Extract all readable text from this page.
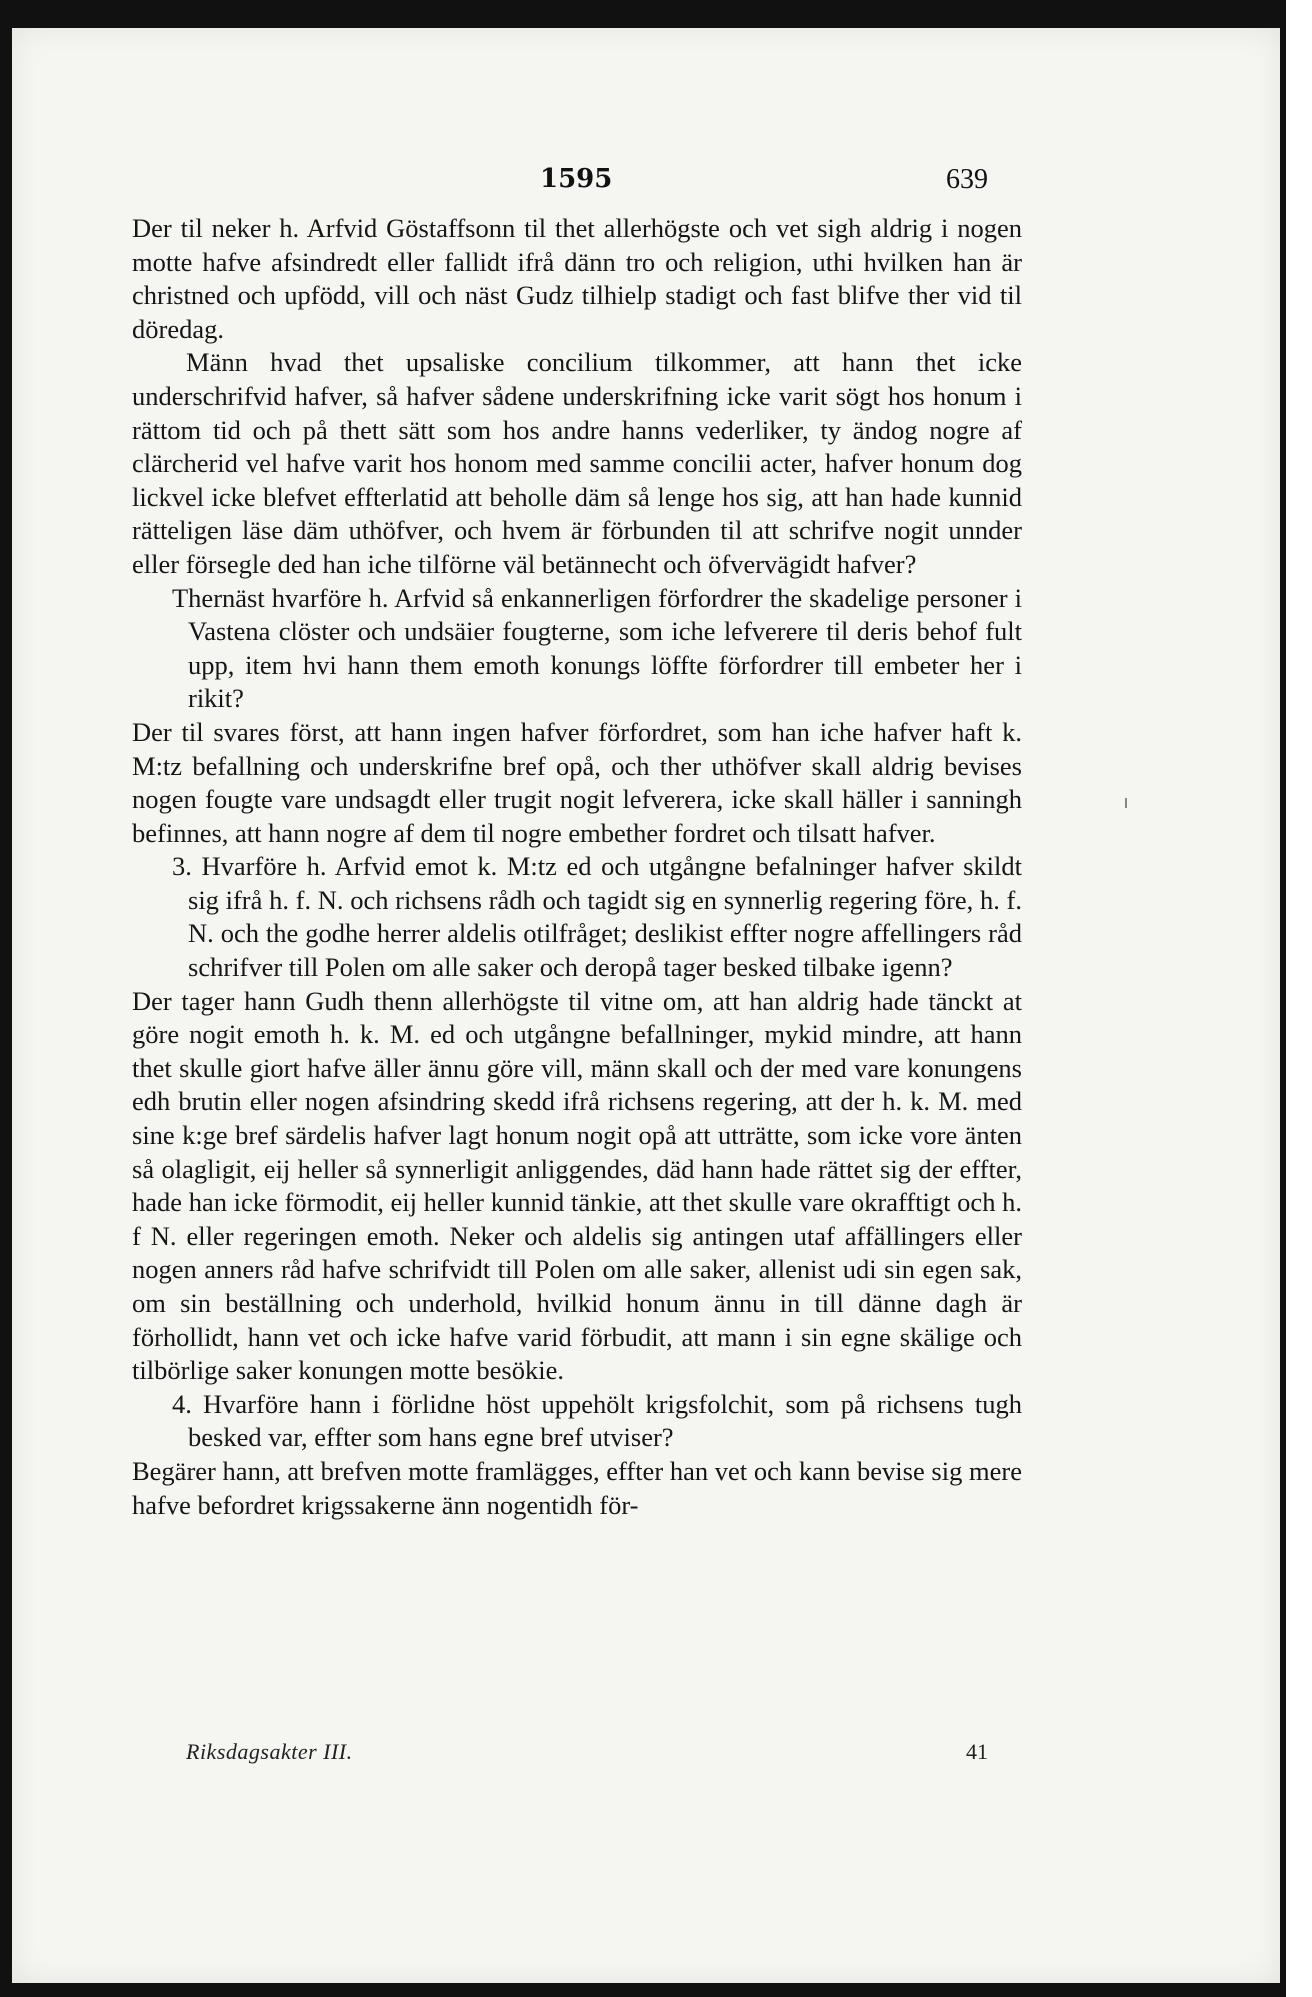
1595	639

Der til neker h. Arfvid Göstaffsonn til thet allerhögste och vet sigh aldrig i nogen motte hafve afsindredt eller fallidt ifrå dänn tro och religion, uthi hvilken han är christned och upfödd, vill och näst Gudz tilhielp stadigt och fast blifve ther vid til döredag.

Männ hvad thet upsaliske concilium tilkommer, att hann thet icke underschrifvid hafver, så hafver sådene underskrifning icke varit sögt hos honum i rättom tid och på thett sätt som hos andre hanns vederliker, ty ändog nogre af clärcherid vel hafve varit hos honom med samme concilii acter, hafver honum dog lickvel icke blefvet effterlatid att beholle däm så lenge hos sig, att han hade kunnid rätteligen läse däm uthöfver, och hvem är förbunden til att schrifve nogit unnder eller försegle ded han iche tilförne väl betännecht och öfvervägidt hafver?

Thernäst hvarföre h. Arfvid så enkannerligen förfordrer the skadelige personer i Vastena clöster och undsäier fougterne, som iche lefverere til deris behof fult upp, item hvi hann them emoth konungs löffte förfordrer till embeter her i rikit?

Der til svares först, att hann ingen hafver förfordret, som han iche hafver haft k. M:tz befallning och underskrifne bref opå, och ther uthöfver skall aldrig bevises nogen fougte vare undsagdt eller trugit nogit lefverera, icke skall häller i sanningh befinnes, att hann nogre af dem til nogre embether fordret och tilsatt hafver.

3. Hvarföre h. Arfvid emot k. M:tz ed och utgångne befalninger hafver skildt sig ifrå h. f. N. och richsens rådh och tagidt sig en synnerlig regering före, h. f. N. och the godhe herrer aldelis otilfråget; deslikist effter nogre affellingers råd schrifver till Polen om alle saker och deropå tager besked tilbake igenn?

Der tager hann Gudh thenn allerhögste til vitne om, att han aldrig hade tänckt at göre nogit emoth h. k. M. ed och utgångne befallninger, mykid mindre, att hann thet skulle giort hafve äller ännu göre vill, männ skall och der med vare konungens edh brutin eller nogen afsindring skedd ifrå richsens regering, att der h. k. M. med sine k:ge bref särdelis hafver lagt honum nogit opå att utträtte, som icke vore änten så olagligit, eij heller så synnerligit anliggendes, däd hann hade rättet sig der effter, hade han icke förmodit, eij heller kunnid tänkie, att thet skulle vare okrafftigt och h. f N. eller regeringen emoth. Neker och aldelis sig antingen utaf affällingers eller nogen anners råd hafve schrifvidt till Polen om alle saker, allenist udi sin egen sak, om sin beställning och underhold, hvilkid honum ännu in till dänne dagh är förhollidt, hann vet och icke hafve varid förbudit, att mann i sin egne skälige och tilbörlige saker konungen motte besökie.

4. Hvarföre hann i förlidne höst uppehölt krigsfolchit, som på richsens tugh besked var, effter som hans egne bref utviser?

Begärer hann, att brefven motte framlägges, effter han vet och kann bevise sig mere hafve befordret krigssakerne änn nogentidh för-

Riksdagsakter III.	41
